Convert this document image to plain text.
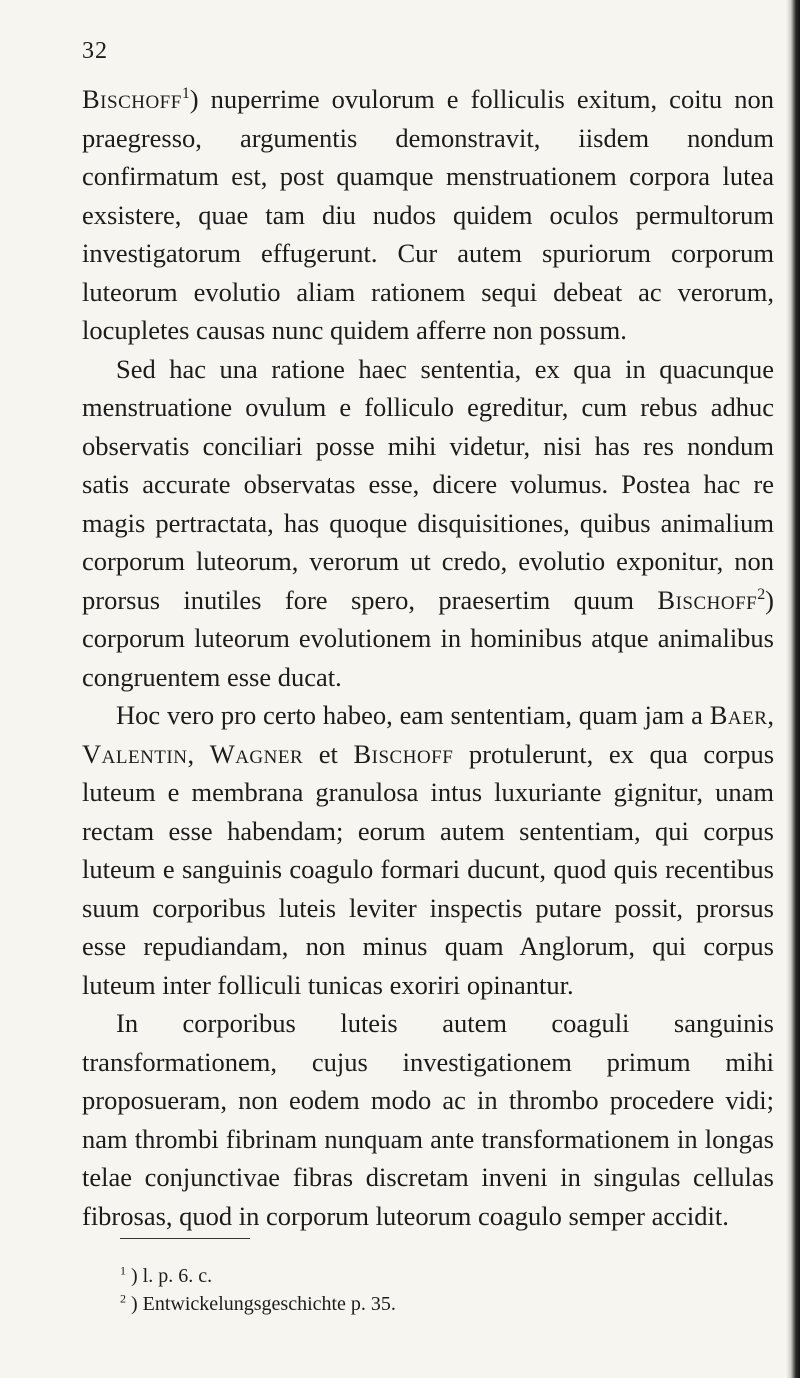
32

Bischoff$^1$) nuperrime ovulorum e folliculis exitum, coitu non praegresso, argumentis demonstravit, iisdem nondum confirmatum est, post quamque menstruationem corpora lutea exsistere, quae tam diu nudos quidem oculos permultorum investigatorum effugerunt. Cur autem spuriorum corporum luteorum evolutio aliam rationem sequi debeat ac verorum, locupletes causas nunc quidem afferre non possum.

Sed hac una ratione haec sententia, ex qua in quacunque menstruatione ovulum e folliculo egreditur, cum rebus adhuc observatis conciliari posse mihi videtur, nisi has res nondum satis accurate observatas esse, dicere volumus. Postea hac re magis pertractata, has quoque disquisitiones, quibus animalium corporum luteorum, verorum ut credo, evolutio exponitur, non prorsus inutiles fore spero, praesertim quum Bischoff$^2$) corporum luteorum evolutionem in hominibus atque animalibus congruentem esse ducat.

Hoc vero pro certo habeo, eam sententiam, quam jam a Baer, Valentin, Wagner et Bischoff protulerunt, ex qua corpus luteum e membrana granulosa intus luxuriante gignitur, unam rectam esse habendam; eorum autem sententiam, qui corpus luteum e sanguinis coagulo formari ducunt, quod quis recentibus suum corporibus luteis leviter inspectis putare possit, prorsus esse repudiandam, non minus quam Anglorum, qui corpus luteum inter folliculi tunicas exoriri opinantur.

In corporibus luteis autem coaguli sanguinis transformationem, cujus investigationem primum mihi proposueram, non eodem modo ac in thrombo procedere vidi; nam thrombi fibrinam nunquam ante transformationem in longas telae conjunctivae fibras discretam inveni in singulas cellulas fibrosas, quod in corporum luteorum coagulo semper accidit.

$^1$ ) l. p. 6. c.
$^2$ ) Entwickelungsgeschichte p. 35.
